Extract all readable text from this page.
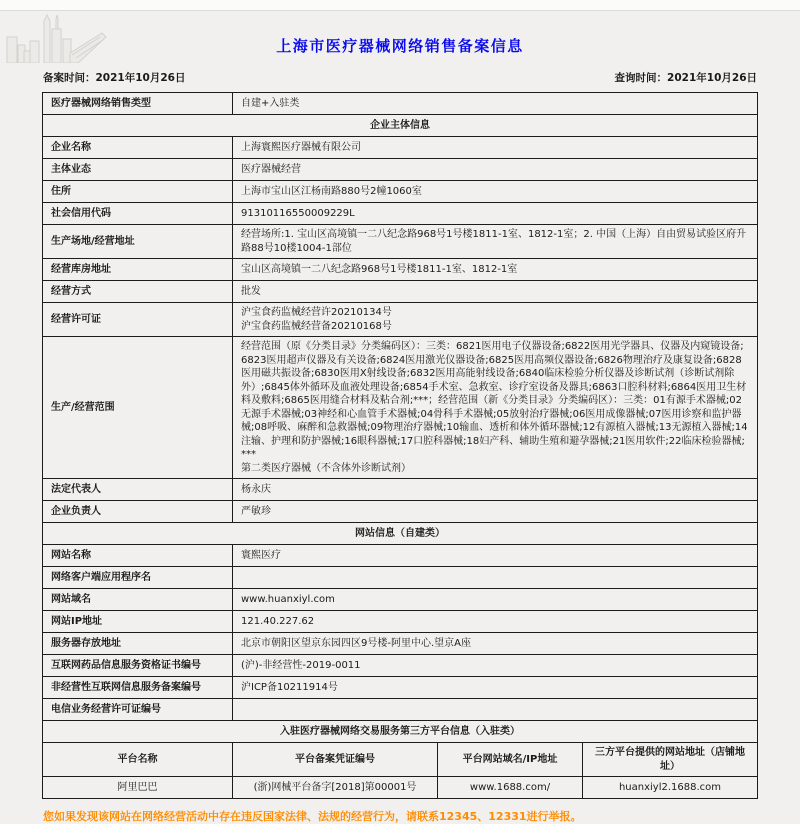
上海市医疗器械网络销售备案信息
备案时间：2021年10月26日	查询时间：2021年10月26日
医疗器械网络销售类型	自建+入驻类		

企业主体信息			
企业名称	上海寰熙医疗器械有限公司		

主体业态	医疗器械经营		

住所	上海市宝山区江杨南路880号2幢1060室		

社会信用代码	91310116550009229L		

生产场地/经营地址	经营场所:1. 宝山区高境镇一二八纪念路968号1号楼1811-1室、1812-1室；2. 中国（上海）自由贸易试验区府升路88号10楼1004-1部位		

经营库房地址	宝山区高境镇一二八纪念路968号1号楼1811-1室、1812-1室		

经营方式	批发		

经营许可证	沪宝食药监械经营许20210134号
沪宝食药监械经营备20210168号		

生产/经营范围	经营范围（原《分类目录》分类编码区）：三类：6821医用电子仪器设备;6822医用光学器具、仪器及内窥镜设备;6823医用超声仪器及有关设备;6824医用激光仪器设备;6825医用高频仪器设备;6826物理治疗及康复设备;6828医用磁共振设备;6830医用X射线设备;6832医用高能射线设备;6840临床检验分析仪器及诊断试剂（诊断试剂除外）;6845体外循环及血液处理设备;6854手术室、急救室、诊疗室设备及器具;6863口腔科材料;6864医用卫生材料及敷料;6865医用缝合材料及粘合剂;***；经营范围（新《分类目录》分类编码区）：三类：01有源手术器械;02无源手术器械;03神经和心血管手术器械;04骨科手术器械;05放射治疗器械;06医用成像器械;07医用诊察和监护器械;08呼吸、麻醉和急救器械;09物理治疗器械;10输血、透析和体外循环器械;12有源植入器械;13无源植入器械;14注输、护理和防护器械;16眼科器械;17口腔科器械;18妇产科、辅助生殖和避孕器械;21医用软件;22临床检验器械;***
第二类医疗器械（不含体外诊断试剂）		

法定代表人	杨永庆		

企业负责人	严敏珍		

网站信息（自建类）			
网站名称	寰熙医疗		

网络客户端应用程序名			

网站域名	www.huanxiyl.com		

网站IP地址	121.40.227.62		

服务器存放地址	北京市朝阳区望京东园四区9号楼-阿里中心.望京A座		

互联网药品信息服务资格证书编号	(沪)-非经营性-2019-0011		

非经营性互联网信息服务备案编号	沪ICP备10211914号		

电信业务经营许可证编号			

入驻医疗器械网络交易服务第三方平台信息（入驻类）			
平台名称	平台备案凭证编号	平台网站域名/IP地址	三方平台提供的网站地址（店铺地址）
阿里巴巴	(浙)网械平台备字[2018]第00001号	www.1688.com/	huanxiyl2.1688.com
您如果发现该网站在网络经营活动中存在违反国家法律、法规的经营行为，请联系12345、12331进行举报。
